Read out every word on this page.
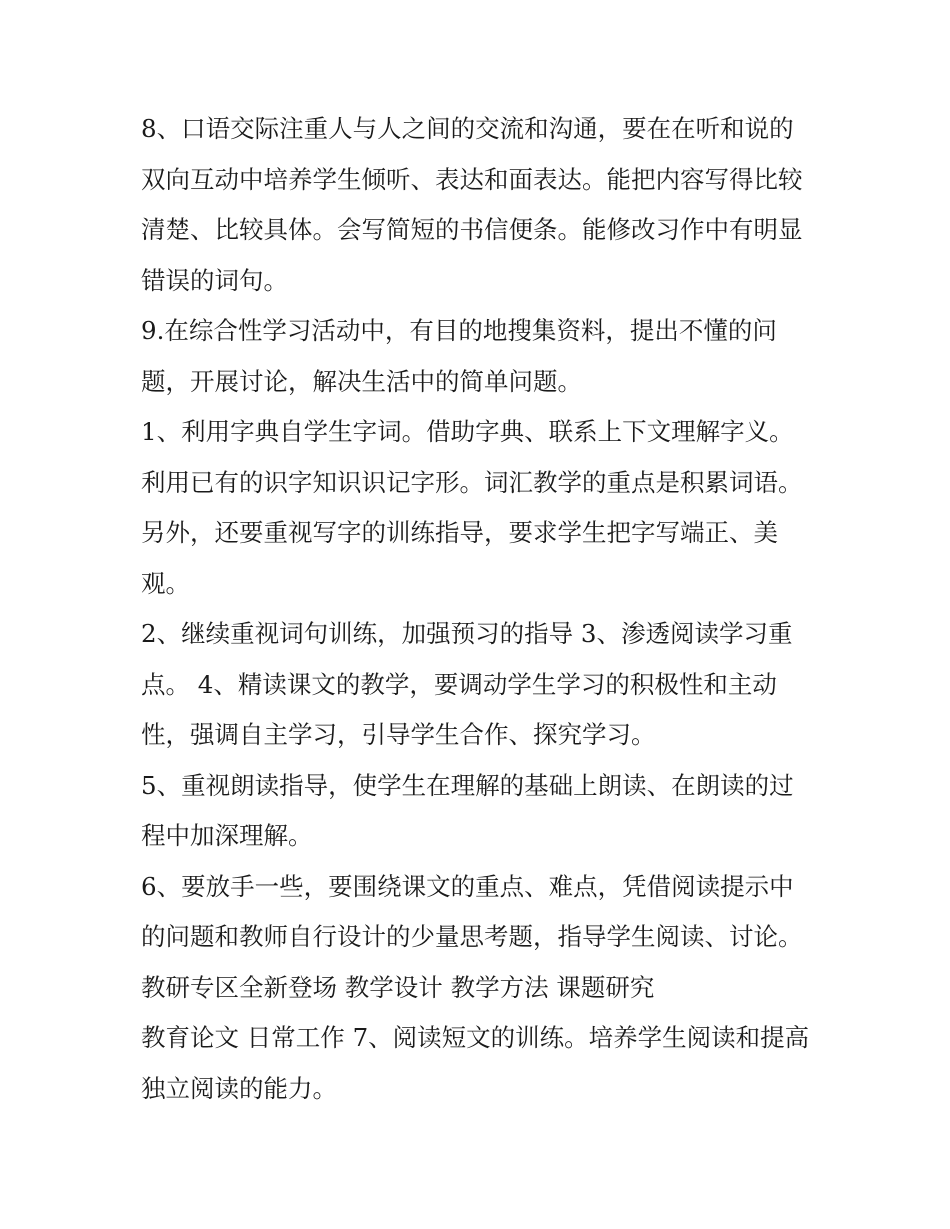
8、口语交际注重人与人之间的交流和沟通，要在在听和说的
双向互动中培养学生倾听、表达和面表达。能把内容写得比较
清楚、比较具体。会写简短的书信便条。能修改习作中有明显
错误的词句。
9.在综合性学习活动中，有目的地搜集资料，提出不懂的问
题，开展讨论，解决生活中的简单问题。
1、利用字典自学生字词。借助字典、联系上下文理解字义。
利用已有的识字知识识记字形。词汇教学的重点是积累词语。
另外，还要重视写字的训练指导，要求学生把字写端正、美
观。
2、继续重视词句训练，加强预习的指导 3、渗透阅读学习重
点。 4、精读课文的教学，要调动学生学习的积极性和主动
性，强调自主学习，引导学生合作、探究学习。
5、重视朗读指导，使学生在理解的基础上朗读、在朗读的过
程中加深理解。
6、要放手一些，要围绕课文的重点、难点，凭借阅读提示中
的问题和教师自行设计的少量思考题，指导学生阅读、讨论。
教研专区全新登场 教学设计 教学方法 课题研究
教育论文 日常工作 7、阅读短文的训练。培养学生阅读和提高
独立阅读的能力。
